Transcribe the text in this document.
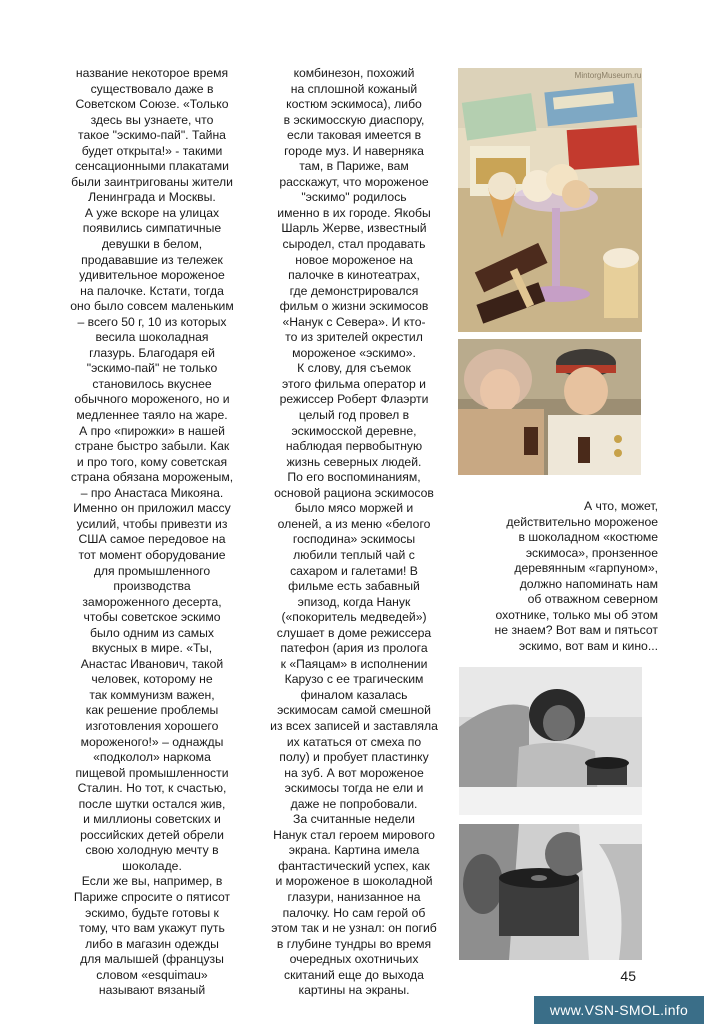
название некоторое время
существовало даже в
Советском Союзе. «Только
здесь вы узнаете, что
такое "эскимо-пай". Тайна
будет открыта!» - такими
сенсационными плакатами
были заинтригованы жители
Ленинграда и Москвы.
А уже вскоре на улицах
появились симпатичные
девушки в белом,
продававшие из тележек
удивительное мороженое
на палочке. Кстати, тогда
оно было совсем маленьким
– всего 50 г, 10 из которых
весила шоколадная
глазурь. Благодаря ей
"эскимо-пай" не только
становилось вкуснее
обычного мороженого, но и
медленнее таяло на жаре.
А про «пирожки» в нашей
стране быстро забыли. Как
и про того, кому советская
страна обязана мороженым,
– про Анастаса Микояна.
Именно он приложил массу
усилий, чтобы привезти из
США самое передовое на
тот момент оборудование
для промышленного
производства
замороженного десерта,
чтобы советское эскимо
было одним из самых
вкусных в мире. «Ты,
Анастас Иванович, такой
человек, которому не
так коммунизм важен,
как решение проблемы
изготовления хорошего
мороженого!» – однажды
«подколол» наркома
пищевой промышленности
Сталин. Но тот, к счастью,
после шутки остался жив,
и миллионы советских и
российских детей обрели
свою холодную мечту в
шоколаде.
Если же вы, например, в
Париже спросите о пятисот
эскимо, будьте готовы к
тому, что вам укажут путь
либо в магазин одежды
для малышей (французы
словом «esquimau»
называют вязаный
комбинезон, похожий
на сплошной кожаный
костюм эскимоса), либо
в эскимосскую диаспору,
если таковая имеется в
городе муз. И наверняка
там, в Париже, вам
расскажут, что мороженое
"эскимо" родилось
именно в их городе. Якобы
Шарль Жерве, известный
сыродел, стал продавать
новое мороженое на
палочке в кинотеатрах,
где демонстрировался
фильм о жизни эскимосов
«Нанук с Севера». И кто-
то из зрителей окрестил
мороженое «эскимо».
К слову, для съемок
этого фильма оператор и
режиссер Роберт Флаэрти
целый год провел в
эскимосской деревне,
наблюдая первобытную
жизнь северных людей.
По его воспоминаниям,
основой рациона эскимосов
было мясо моржей и
оленей, а из меню «белого
господина» эскимосы
любили теплый чай с
сахаром и галетами! В
фильме есть забавный
эпизод, когда Нанук
(«покоритель медведей»)
слушает в доме режиссера
патефон (ария из пролога
к «Паяцам» в исполнении
Карузо с ее трагическим
финалом казалась
эскимосам самой смешной
из всех записей и заставляла
их кататься от смеха по
полу) и пробует пластинку
на зуб. А вот мороженое
эскимосы тогда не ели и
даже не попробовали.
За считанные недели
Нанук стал героем мирового
экрана. Картина имела
фантастический успех, как
и мороженое в шоколадной
глазури, нанизанное на
палочку. Но сам герой об
этом так и не узнал: он погиб
в глубине тундры во время
очередных охотничьих
скитаний еще до выхода
картины на экраны.
MintorgMuseum.ru
А что, может,
действительно мороженое
в шоколадном «костюме
эскимоса», пронзенное
деревянным «гарпуном»,
должно напоминать нам
об отважном северном
охотнике, только мы об этом
не знаем? Вот вам и пятьсот
эскимо, вот вам и кино...
45
www.VSN-SMOL.info
